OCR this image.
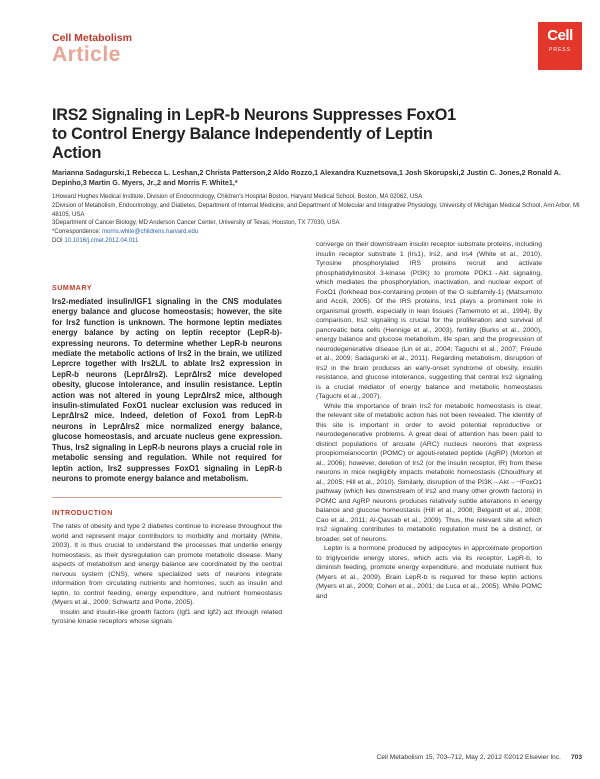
Cell Metabolism
Article
Cell
PRESS
IRS2 Signaling in LepR-b Neurons Suppresses FoxO1 to Control Energy Balance Independently of Leptin Action
Marianna Sadagurski,1 Rebecca L. Leshan,2 Christa Patterson,2 Aldo Rozzo,1 Alexandra Kuznetsova,1 Josh Skorupski,2 Justin C. Jones,2 Ronald A. Depinho,3 Martin G. Myers, Jr.,2 and Morris F. White1,*
1Howard Hughes Medical Institute, Division of Endocrinology, Children's Hospital Boston, Harvard Medical School, Boston, MA 02062, USA
2Division of Metabolism, Endocrinology, and Diabetes, Department of Internal Medicine, and Department of Molecular and Integrative Physiology, University of Michigan Medical School, Ann Arbor, MI 48105, USA
3Department of Cancer Biology, MD Anderson Cancer Center, University of Texas, Houston, TX 77030, USA
*Correspondence: morris.white@childrens.harvard.edu
DOI 10.1016/j.cmet.2012.04.011
SUMMARY

Irs2-mediated insulin/IGF1 signaling in the CNS modulates energy balance and glucose homeostasis; however, the site for Irs2 function is unknown. The hormone leptin mediates energy balance by acting on leptin receptor (LepR-b)-expressing neurons. To determine whether LepR-b neurons mediate the metabolic actions of Irs2 in the brain, we utilized Leprcre together with Irs2L/L to ablate Irs2 expression in LepR-b neurons (LeprΔIrs2). LeprΔIrs2 mice developed obesity, glucose intolerance, and insulin resistance. Leptin action was not altered in young LeprΔIrs2 mice, although insulin-stimulated FoxO1 nuclear exclusion was reduced in LeprΔIrs2 mice. Indeed, deletion of Foxo1 from LepR-b neurons in LeprΔIrs2 mice normalized energy balance, glucose homeostasis, and arcuate nucleus gene expression. Thus, Irs2 signaling in LepR-b neurons plays a crucial role in metabolic sensing and regulation. While not required for leptin action, Irs2 suppresses FoxO1 signaling in LepR-b neurons to promote energy balance and metabolism.

INTRODUCTION

The rates of obesity and type 2 diabetes continue to increase throughout the world and represent major contributors to morbidity and mortality (White, 2003). It is thus crucial to understand the processes that underlie energy homeostasis, as their dysregulation can promote metabolic disease. Many aspects of metabolism and energy balance are coordinated by the central nervous system (CNS), where specialized sets of neurons integrate information from circulating nutrients and hormones, such as insulin and leptin, to control feeding, energy expenditure, and nutrient homeostasis (Myers et al., 2009; Schwartz and Porte, 2005).

Insulin and insulin-like growth factors (Igf1 and Igf2) act through related tyrosine kinase receptors whose signals

converge on their downstream insulin receptor substrate proteins, including insulin receptor substrate 1 (Irs1), Irs2, and Irs4 (White et al., 2010). Tyrosine phosphorylated IRS proteins recruit and activate phosphatidylinositol 3-kinase (PI3K) to promote PDK1→Akt signaling, which mediates the phosphorylation, inactivation, and nuclear export of FoxO1 (forkhead box-containing protein of the O subfamily-1) (Matsumoto and Accili, 2005). Of the IRS proteins, Irs1 plays a prominent role in organismal growth, especially in lean tissues (Tamemoto et al., 1994). By comparison, Irs2 signaling is crucial for the proliferation and survival of pancreatic beta cells (Hennige et al., 2003), fertility (Burks et al., 2000), energy balance and glucose metabolism, life span, and the progression of neurodegenerative disease (Lin et al., 2004; Taguchi et al., 2007; Freude et al., 2009; Sadagurski et al., 2011). Regarding metabolism, disruption of Irs2 in the brain produces an early-onset syndrome of obesity, insulin resistance, and glucose intolerance, suggesting that central Irs2 signaling is a crucial mediator of energy balance and metabolic homeostasis (Taguchi et al., 2007).

While the importance of brain Irs2 for metabolic homeostasis is clear, the relevant site of metabolic action has not been revealed. The identity of this site is important in order to avoid potential reproductive or neurodegenerative problems. A great deal of attention has been paid to distinct populations of arcuate (ARC) nucleus neurons that express proopiomelanocortin (POMC) or agouti-related peptide (AgRP) (Morton et al., 2006); however, deletion of Irs2 (or the insulin receptor, IR) from these neurons in mice negligibly impacts metabolic homeostasis (Choudhury et al., 2005; Hill et al., 2010). Similarly, disruption of the PI3K→Akt→⊣FoxO1 pathway (which lies downstream of Irs2 and many other growth factors) in POMC and AgRP neurons produces relatively subtle alterations in energy balance and glucose homeostasis (Hill et al., 2008; Belgardt et al., 2008; Cao et al., 2011; Al-Qassab et al., 2009). Thus, the relevant site at which Irs2 signaling contributes to metabolic regulation must be a distinct, or broader, set of neurons.

Leptin is a hormone produced by adipocytes in approximate proportion to triglyceride energy stores, which acts via its receptor, LepR-b, to diminish feeding, promote energy expenditure, and modulate nutrient flux (Myers et al., 2009). Brain LepR-b is required for these leptin actions (Myers et al., 2009; Cohen et al., 2001; de Luca et al., 2005). While POMC and

Cell Metabolism 15, 703–712, May 2, 2012 ©2012 Elsevier Inc. 703
